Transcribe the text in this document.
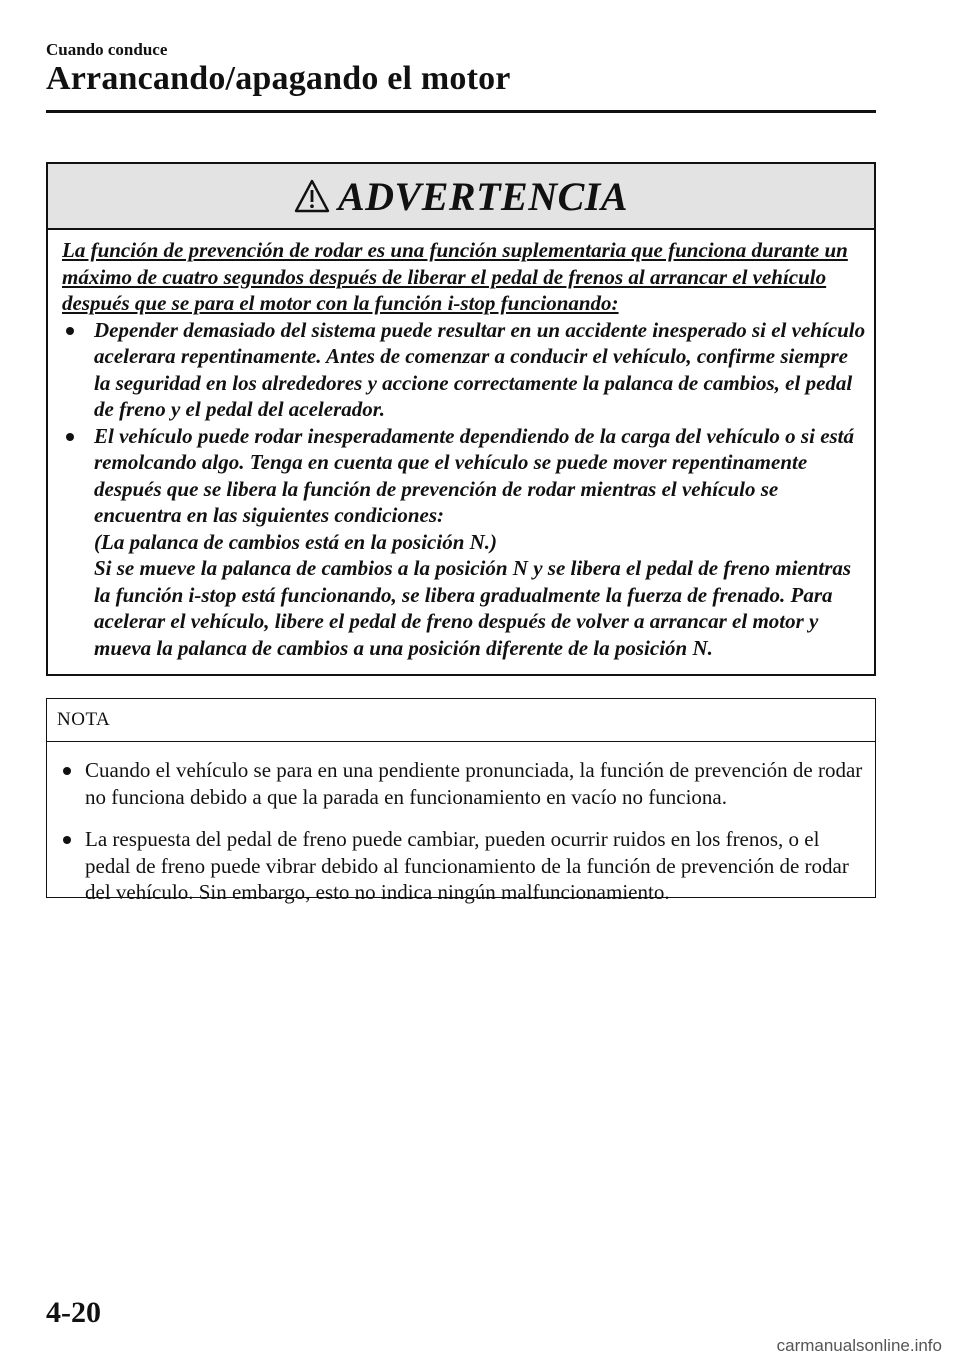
Cuando conduce

Arrancando/apagando el motor
ADVERTENCIA
La función de prevención de rodar es una función suplementaria que funciona durante un máximo de cuatro segundos después de liberar el pedal de frenos al arrancar el vehículo después que se para el motor con la función i-stop funcionando:
Depender demasiado del sistema puede resultar en un accidente inesperado si el vehículo acelerara repentinamente. Antes de comenzar a conducir el vehículo, confirme siempre la seguridad en los alrededores y accione correctamente la palanca de cambios, el pedal de freno y el pedal del acelerador.
El vehículo puede rodar inesperadamente dependiendo de la carga del vehículo o si está remolcando algo. Tenga en cuenta que el vehículo se puede mover repentinamente después que se libera la función de prevención de rodar mientras el vehículo se encuentra en las siguientes condiciones:
(La palanca de cambios está en la posición N.)
Si se mueve la palanca de cambios a la posición N y se libera el pedal de freno mientras la función i-stop está funcionando, se libera gradualmente la fuerza de frenado. Para acelerar el vehículo, libere el pedal de freno después de volver a arrancar el motor y mueva la palanca de cambios a una posición diferente de la posición N.
NOTA
Cuando el vehículo se para en una pendiente pronunciada, la función de prevención de rodar no funciona debido a que la parada en funcionamiento en vacío no funciona.
La respuesta del pedal de freno puede cambiar, pueden ocurrir ruidos en los frenos, o el pedal de freno puede vibrar debido al funcionamiento de la función de prevención de rodar del vehículo. Sin embargo, esto no indica ningún malfuncionamiento.

4-20

carmanualsonline.info
